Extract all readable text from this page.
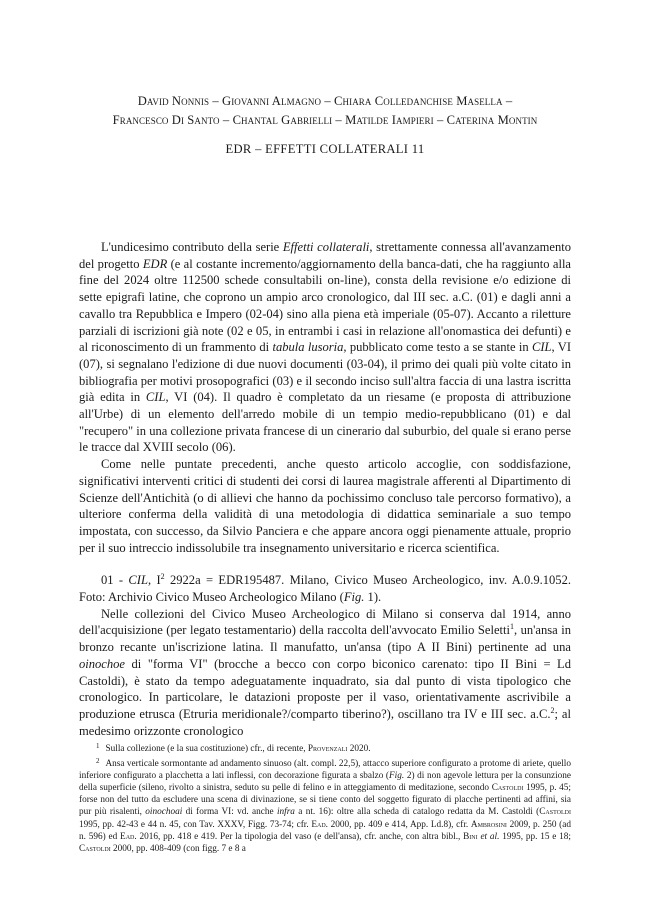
David Nonnis – Giovanni Almagno – Chiara Colledanchise Masella –
Francesco Di Santo – Chantal Gabrielli – Matilde Iampieri – Caterina Montin
EDR – EFFETTI COLLATERALI 11

L'undicesimo contributo della serie Effetti collaterali, strettamente connessa all'avanzamento del progetto EDR (e al costante incremento/aggiornamento della banca-dati, che ha raggiunto alla fine del 2024 oltre 112500 schede consultabili on-line), consta della revisione e/o edizione di sette epigrafi latine, che coprono un ampio arco cronologico, dal III sec. a.C. (01) e dagli anni a cavallo tra Repubblica e Impero (02-04) sino alla piena età imperiale (05-07). Accanto a riletture parziali di iscrizioni già note (02 e 05, in entrambi i casi in relazione all'onomastica dei defunti) e al riconoscimento di un frammento di tabula lusoria, pubblicato come testo a se stante in CIL, VI (07), si segnalano l'edizione di due nuovi documenti (03-04), il primo dei quali più volte citato in bibliografia per motivi prosopografici (03) e il secondo inciso sull'altra faccia di una lastra iscritta già edita in CIL, VI (04). Il quadro è completato da un riesame (e proposta di attribuzione all'Urbe) di un elemento dell'arredo mobile di un tempio medio-repubblicano (01) e dal "recupero" in una collezione privata francese di un cinerario dal suburbio, del quale si erano perse le tracce dal XVIII secolo (06).

Come nelle puntate precedenti, anche questo articolo accoglie, con soddisfazione, significativi interventi critici di studenti dei corsi di laurea magistrale afferenti al Dipartimento di Scienze dell'Antichità (o di allievi che hanno da pochissimo concluso tale percorso formativo), a ulteriore conferma della validità di una metodologia di didattica seminariale a suo tempo impostata, con successo, da Silvio Panciera e che appare ancora oggi pienamente attuale, proprio per il suo intreccio indissolubile tra insegnamento universitario e ricerca scientifica.

01 - CIL, $I^2$ 2922a = EDR195487. Milano, Civico Museo Archeologico, inv. A.0.9.1052. Foto: Archivio Civico Museo Archeologico Milano (Fig. 1).

Nelle collezioni del Civico Museo Archeologico di Milano si conserva dal 1914, anno dell'acquisizione (per legato testamentario) della raccolta dell'avvocato Emilio Seletti$^1$, un'ansa in bronzo recante un'iscrizione latina. Il manufatto, un'ansa (tipo A II Bini) pertinente ad una oinochoe di "forma VI" (brocche a becco con corpo biconico carenato: tipo II Bini = Ld Castoldi), è stato da tempo adeguatamente inquadrato, sia dal punto di vista tipologico che cronologico. In particolare, le datazioni proposte per il vaso, orientativamente ascrivibile a produzione etrusca (Etruria meridionale?/comparto tiberino?), oscillano tra IV e III sec. a.C.$^2$; al medesimo orizzonte cronologico

$^1$ Sulla collezione (e la sua costituzione) cfr., di recente, Provenzali 2020.

$^2$ Ansa verticale sormontante ad andamento sinuoso (alt. compl. 22,5), attacco superiore configurato a protome di ariete, quello inferiore configurato a placchetta a lati inflessi, con decorazione figurata a sbalzo (Fig. 2) di non agevole lettura per la consunzione della superficie (sileno, rivolto a sinistra, seduto su pelle di felino e in atteggiamento di meditazione, secondo Castoldi 1995, p. 45; forse non del tutto da escludere una scena di divinazione, se si tiene conto del soggetto figurato di placche pertinenti ad affini, sia pur più risalenti, oinochoai di forma VI: vd. anche infra a nt. 16): oltre alla scheda di catalogo redatta da M. Castoldi (Castoldi 1995, pp. 42-43 e 44 n. 45, con Tav. XXXV, Figg. 73-74; cfr. Ead. 2000, pp. 409 e 414, App. Ld.8), cfr. Ambrosini 2009, p. 250 (ad n. 596) ed Ead. 2016, pp. 418 e 419. Per la tipologia del vaso (e dell'ansa), cfr. anche, con altra bibl., Bini et al. 1995, pp. 15 e 18; Castoldi 2000, pp. 408-409 (con figg. 7 e 8 a
